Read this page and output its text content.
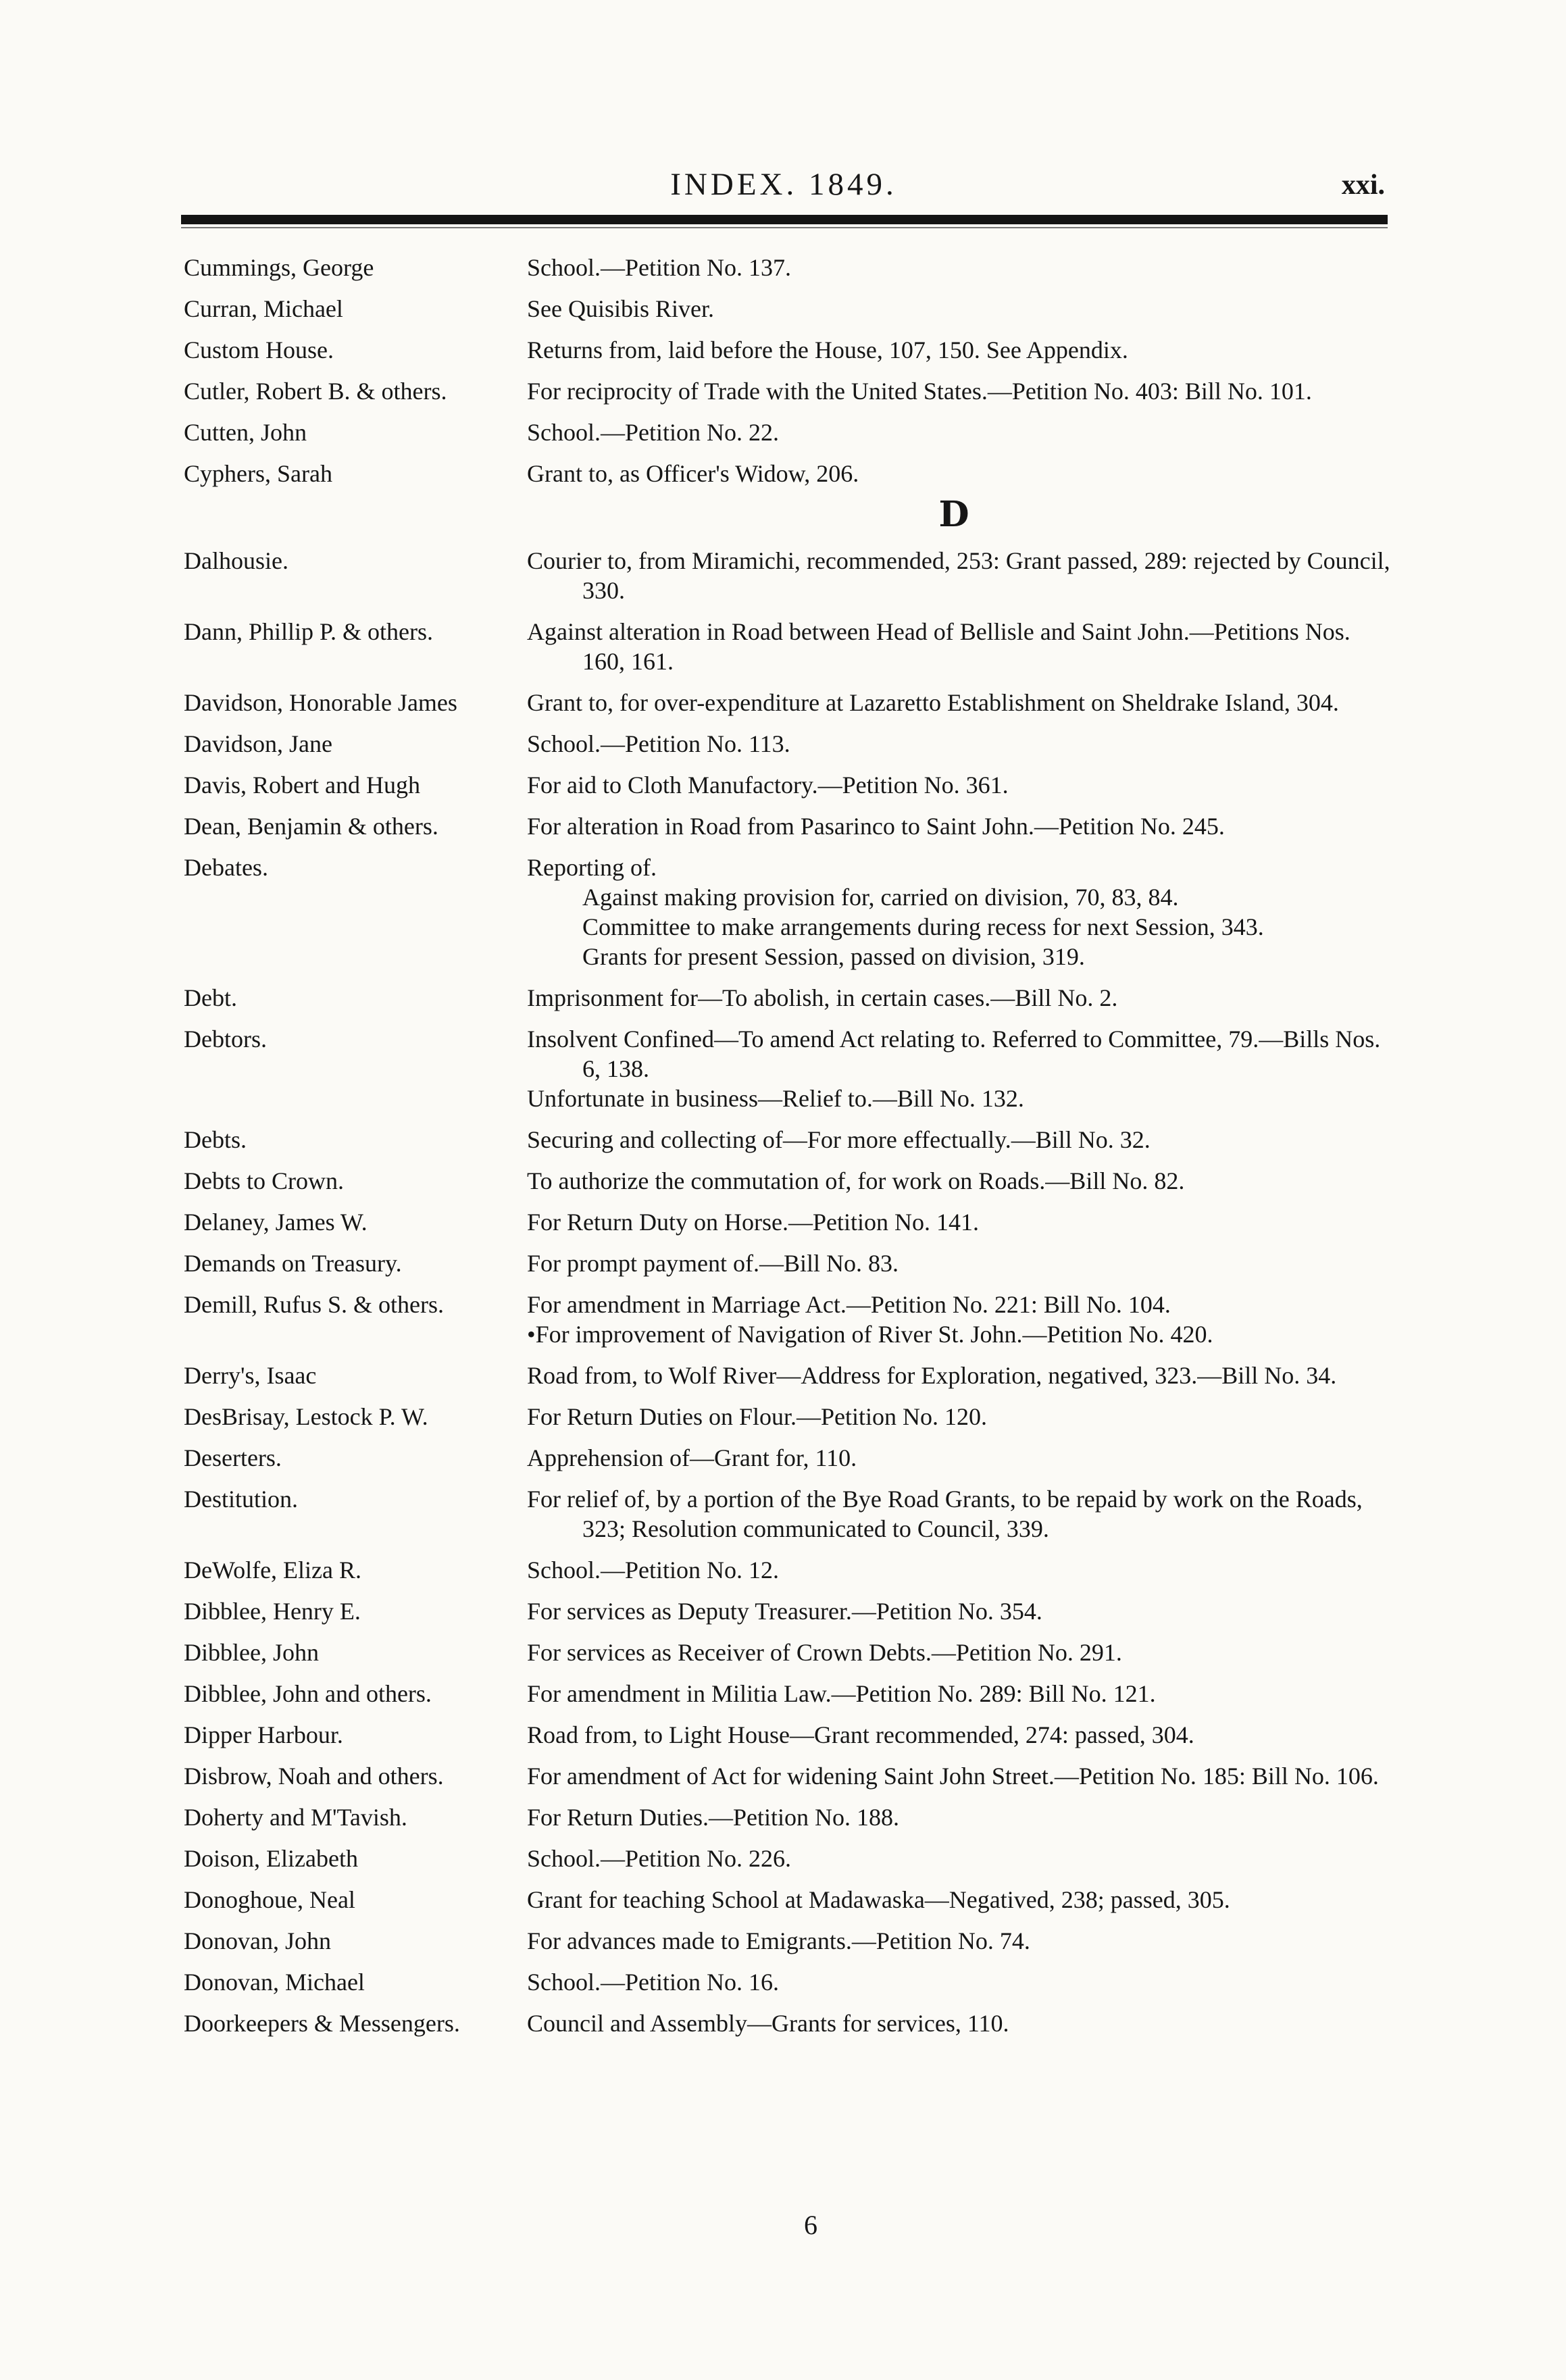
INDEX. 1849.	xxi.
Cummings, George	School.—Petition No. 137.
Curran, Michael	See Quisibis River.
Custom House.	Returns from, laid before the House, 107, 150. See Appendix.
Cutler, Robert B. & others.	For reciprocity of Trade with the United States.—Petition No. 403: Bill No. 101.
Cutten, John	School.—Petition No. 22.
Cyphers, Sarah	Grant to, as Officer's Widow, 206.
D
Dalhousie.	Courier to, from Miramichi, recommended, 253: Grant passed, 289: rejected by Council, 330.
Dann, Phillip P. & others.	Against alteration in Road between Head of Bellisle and Saint John.—Petitions Nos. 160, 161.
Davidson, Honorable James	Grant to, for over-expenditure at Lazaretto Establishment on Sheldrake Island, 304.
Davidson, Jane	School.—Petition No. 113.
Davis, Robert and Hugh	For aid to Cloth Manufactory.—Petition No. 361.
Dean, Benjamin & others.	For alteration in Road from Pasarinco to Saint John.—Petition No. 245.
Debates.	Reporting of.
Against making provision for, carried on division, 70, 83, 84.
Committee to make arrangements during recess for next Session, 343.
Grants for present Session, passed on division, 319.
Debt.	Imprisonment for—To abolish, in certain cases.—Bill No. 2.
Debtors.	Insolvent Confined—To amend Act relating to. Referred to Committee, 79.—Bills Nos. 6, 138.
Unfortunate in business—Relief to.—Bill No. 132.
Debts.	Securing and collecting of—For more effectually.—Bill No. 32.
Debts to Crown.	To authorize the commutation of, for work on Roads.—Bill No. 82.
Delaney, James W.	For Return Duty on Horse.—Petition No. 141.
Demands on Treasury.	For prompt payment of.—Bill No. 83.
Demill, Rufus S. & others.	For amendment in Marriage Act.—Petition No. 221: Bill No. 104.
•For improvement of Navigation of River St. John.—Petition No. 420.
Derry's, Isaac	Road from, to Wolf River—Address for Exploration, negatived, 323.—Bill No. 34.
DesBrisay, Lestock P. W.	For Return Duties on Flour.—Petition No. 120.
Deserters.	Apprehension of—Grant for, 110.
Destitution.	For relief of, by a portion of the Bye Road Grants, to be repaid by work on the Roads, 323; Resolution communicated to Council, 339.
DeWolfe, Eliza R.	School.—Petition No. 12.
Dibblee, Henry E.	For services as Deputy Treasurer.—Petition No. 354.
Dibblee, John	For services as Receiver of Crown Debts.—Petition No. 291.
Dibblee, John and others.	For amendment in Militia Law.—Petition No. 289: Bill No. 121.
Dipper Harbour.	Road from, to Light House—Grant recommended, 274: passed, 304.
Disbrow, Noah and others.	For amendment of Act for widening Saint John Street.—Petition No. 185: Bill No. 106.
Doherty and M'Tavish.	For Return Duties.—Petition No. 188.
Doison, Elizabeth	School.—Petition No. 226.
Donoghoue, Neal	Grant for teaching School at Madawaska—Negatived, 238; passed, 305.
Donovan, John	For advances made to Emigrants.—Petition No. 74.
Donovan, Michael	School.—Petition No. 16.
Doorkeepers & Messengers.	Council and Assembly—Grants for services, 110.
6
